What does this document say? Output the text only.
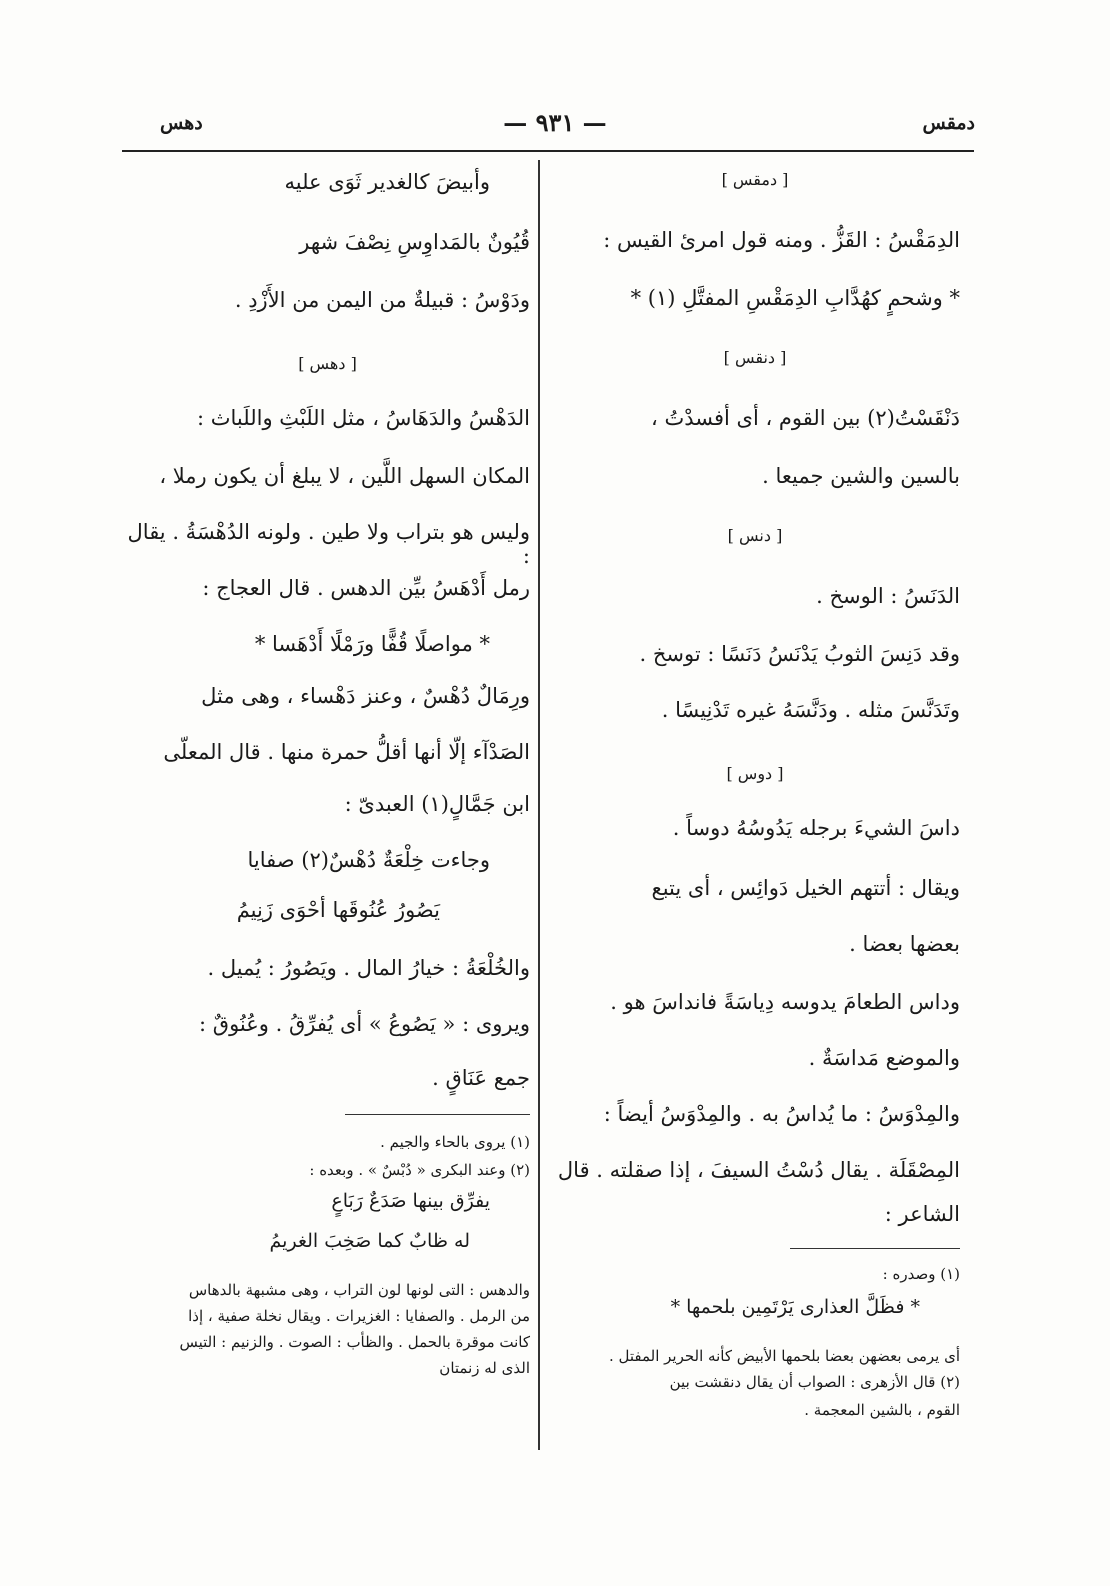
دهس	— ٩٣١ —	دمقس
[ دمقس ]
الدِمَقْسُ : القَزُّ . ومنه قول امرئ القيس :
* وشحمٍ كهُدَّابِ الدِمَقْسِ المفتَّلِ (١) *
[ دنقس ]
دَنْقَسْتُ(٢) بين القوم ، أى أفسدْتُ ،
بالسين والشين جميعا .
[ دنس ]
الدَنَسُ : الوسخ .
وقد دَنِسَ الثوبُ يَدْنَسُ دَنَسًا : توسخ .
وتَدَنَّسَ مثله . ودَنَّسَهُ غيره تَدْنِيسًا .
[ دوس ]
داسَ الشيءَ برجله يَدُوسُهُ دوساً .
ويقال : أتتهم الخيل دَوائِس ، أى يتبع
بعضها بعضا .
وداس الطعامَ يدوسه دِياسَةً فانداسَ هو .
والموضع مَداسَةٌ .
والمِدْوَسُ : ما يُداسُ به . والمِدْوَسُ أيضاً :
المِصْقَلَة . يقال دُسْتُ السيفَ ، إذا صقلته . قال
الشاعر :
(١) وصدره :
* فظَلَّ العذارى يَرْتَمِين بلحمها *
أى يرمى بعضهن بعضا بلحمها الأبيض كأنه الحرير المفتل .
(٢) قال الأزهرى : الصواب أن يقال دنقشت بين
القوم ، بالشين المعجمة .
وأبيضَ كالغدير ثَوَى عليه
قُيُونٌ بالمَداوِسِ نِصْفَ شهر
ودَوْسُ : قبيلةٌ من اليمن من الأَزْدِ .
[ دهس ]
الدَهْسُ والدَهَاسُ ، مثل اللَبْثِ واللَباث :
المكان السهل اللَّين ، لا يبلغ أن يكون رملا ،
وليس هو بتراب ولا طين . ولونه الدُهْسَةُ . يقال :
رمل أَدْهَسُ بيِّن الدهس . قال العجاج :
* مواصلًا قُفًّا ورَمْلًا أَدْهَسا *
ورِمَالٌ دُهْسٌ ، وعنز دَهْساء ، وهى مثل
الصَدْآء إلّا أنها أقلُّ حمرة منها . قال المعلّى
ابن جَمَّالٍ(١) العبدىّ :
وجاءت خِلْعَةٌ دُهْسٌ(٢) صفايا
يَصُورُ عُنُوقَها أحْوَى زَنِيمُ
والخُلْعَةُ : خيارُ المال . ويَصُورُ : يُميل .
ويروى : « يَصُوعُ » أى يُفرِّقُ . وعُنُوقٌ :
جمع عَنَاقٍ .
(١) يروى بالحاء والجيم .
(٢) وعند البكرى « دُبْسٌ » . وبعده :
يفرِّق بينها صَدَعٌ رَبَاعٍ
له ظابٌ كما صَخِبَ الغريمُ
والدهس : التى لونها لون التراب ، وهى مشبهة بالدهاس
من الرمل . والصفايا : الغزيرات . ويقال نخلة صفية ، إذا
كانت موقرة بالحمل . والظأب : الصوت . والزنيم : التيس
الذى له زنمتان
